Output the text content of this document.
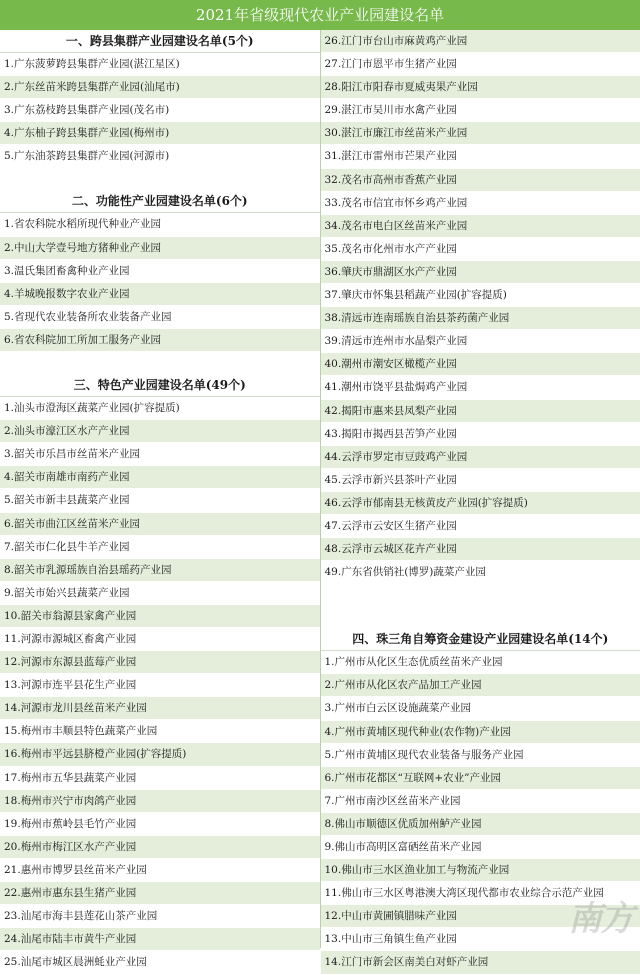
2021年省级现代农业产业园建设名单
一、跨县集群产业园建设名单(5个)
1.广东菠萝跨县集群产业园(湛江星区)
2.广东丝苗米跨县集群产业园(汕尾市)
3.广东荔枝跨县集群产业园(茂名市)
4.广东柚子跨县集群产业园(梅州市)
5.广东油茶跨县集群产业园(河源市)
二、功能性产业园建设名单(6个)
1.省农科院水稻所现代种业产业园
2.中山大学壹号地方猪种业产业园
3.温氏集团畜禽种业产业园
4.羊城晚报数字农业产业园
5.省现代农业装备所农业装备产业园
6.省农科院加工所加工服务产业园
三、特色产业园建设名单(49个)
1.汕头市澄海区蔬菜产业园(扩容提质)
2.汕头市濠江区水产产业园
3.韶关市乐昌市丝苗米产业园
4.韶关市南雄市南药产业园
5.韶关市新丰县蔬菜产业园
6.韶关市曲江区丝苗米产业园
7.韶关市仁化县牛羊产业园
8.韶关市乳源瑶族自治县瑶药产业园
9.韶关市始兴县蔬菜产业园
10.韶关市翁源县家禽产业园
11.河源市源城区畜禽产业园
12.河源市东源县蓝莓产业园
13.河源市连平县花生产业园
14.河源市龙川县丝苗米产业园
15.梅州市丰顺县特色蔬菜产业园
16.梅州市平远县脐橙产业园(扩容提质)
17.梅州市五华县蔬菜产业园
18.梅州市兴宁市肉鸽产业园
19.梅州市蕉岭县毛竹产业园
20.梅州市梅江区水产产业园
21.惠州市博罗县丝苗米产业园
22.惠州市惠东县生猪产业园
23.汕尾市海丰县莲花山茶产业园
24.汕尾市陆丰市黄牛产业园
25.汕尾市城区晨洲蚝业产业园
26.江门市台山市麻黄鸡产业园
27.江门市恩平市生猪产业园
28.阳江市阳春市夏威夷果产业园
29.湛江市吴川市水禽产业园
30.湛江市廉江市丝苗米产业园
31.湛江市雷州市芒果产业园
32.茂名市高州市香蕉产业园
33.茂名市信宜市怀乡鸡产业园
34.茂名市电白区丝苗米产业园
35.茂名市化州市水产产业园
36.肇庆市鼎湖区水产产业园
37.肇庆市怀集县稻蔬产业园(扩容提质)
38.清远市连南瑶族自治县茶药菌产业园
39.清远市连州市水晶梨产业园
40.潮州市潮安区橄榄产业园
41.潮州市饶平县盐焗鸡产业园
42.揭阳市惠来县凤梨产业园
43.揭阳市揭西县苦笋产业园
44.云浮市罗定市豆豉鸡产业园
45.云浮市新兴县茶叶产业园
46.云浮市郁南县无核黄皮产业园(扩容提质)
47.云浮市云安区生猪产业园
48.云浮市云城区花卉产业园
49.广东省供销社(博罗)蔬菜产业园
四、珠三角自筹资金建设产业园建设名单(14个)
1.广州市从化区生态优质丝苗米产业园
2.广州市从化区农产品加工产业园
3.广州市白云区设施蔬菜产业园
4.广州市黄埔区现代种业(农作物)产业园
5.广州市黄埔区现代农业装备与服务产业园
6.广州市花都区“互联网+农业”产业园
7.广州市南沙区丝苗米产业园
8.佛山市顺德区优质加州鲈产业园
9.佛山市高明区富硒丝苗米产业园
10.佛山市三水区渔业加工与物流产业园
11.佛山市三水区粤港澳大湾区现代都市农业综合示范产业园
12.中山市黄圃镇腊味产业园
13.中山市三角镇生鱼产业园
14.江门市新会区南美白对虾产业园
南方
